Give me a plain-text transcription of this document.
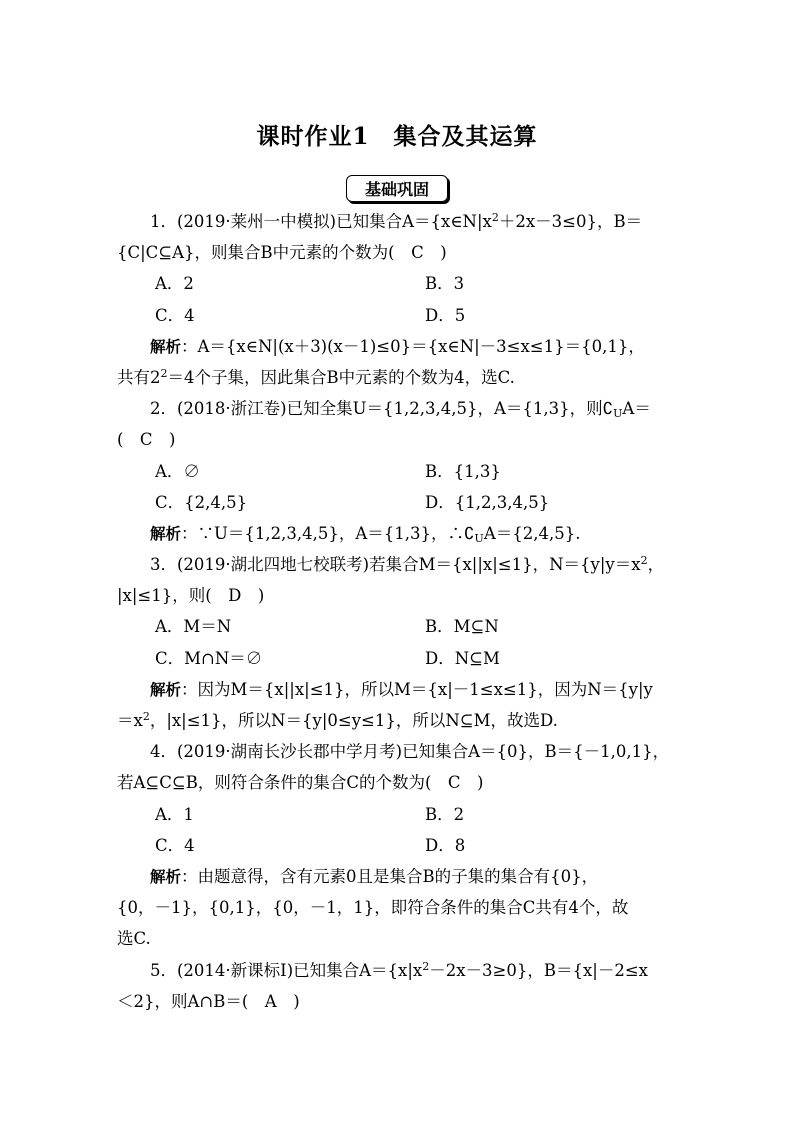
课时作业1　集合及其运算
基础巩固
1．(2019·莱州一中模拟)已知集合$A=\{x\in N|x^2+2x-3\le 0\}$，B＝
{C|C⊆A}，则集合B中元素的个数为(　C　)
A．2	B．3
C．4	D．5
解析：A＝{x∈N|(x＋3)(x－1)≤0}＝{x∈N|－3≤x≤1}＝{0,1}，
共有$2^2=4$个子集，因此集合B中元素的个数为4，选C.
2．(2018·浙江卷)已知全集U＝{1,2,3,4,5}，A＝{1,3}，则$∁_UA=$
(　C　)
A．∅	B．{1,3}
C．{2,4,5}	D．{1,2,3,4,5}
解析：∵U＝{1,2,3,4,5}，A＝{1,3}，$\therefore∁_UA=\{2,4,5\}$.
3．(2019·湖北四地七校联考)若集合M＝{x||x|≤1}，$N=\{y|y=x^2$，
|x|≤1}，则(　D　)
A．M＝N	B．M⊆N
C．M∩N＝∅	D．N⊆M
解析：因为M＝{x||x|≤1}，所以M＝{x|－1≤x≤1}，因为N＝{y|y
$=x^2$，|x|≤1}，所以N＝{y|0≤y≤1}，所以N⊆M，故选D.
4．(2019·湖南长沙长郡中学月考)已知集合A＝{0}，B＝{－1,0,1}，
若A⊆C⊆B，则符合条件的集合C的个数为(　C　)
A．1	B．2
C．4	D．8
解析：由题意得，含有元素0且是集合B的子集的集合有{0}，
{0，－1}，{0,1}，{0，－1，1}，即符合条件的集合C共有4个，故
选C.
5．(2014·新课标Ⅰ)已知集合$A=\{x|x^2-2x-3\ge 0\}$，B＝{x|－2≤x
＜2}，则A∩B＝(　A　)
